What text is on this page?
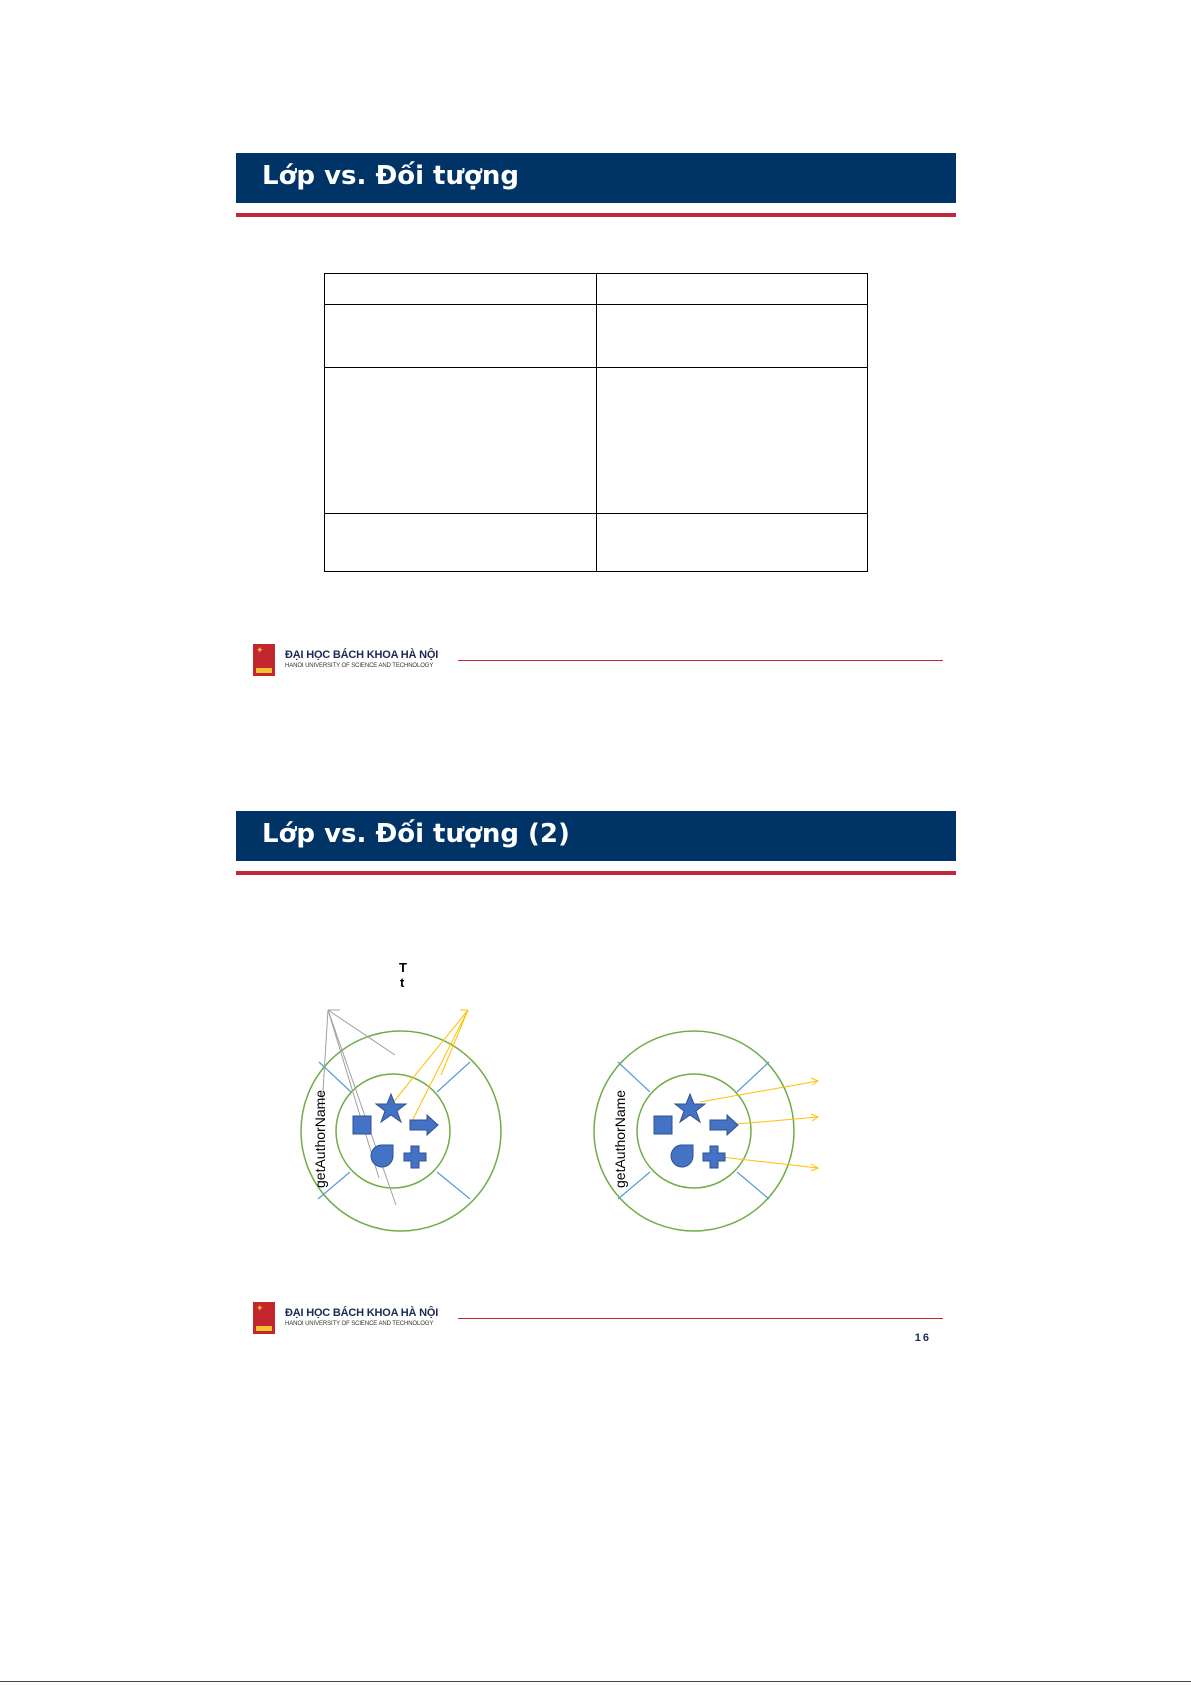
Lớp vs. Đối tượng

✦ ĐẠI HỌC BÁCH KHOA HÀ NỘI
HANOI UNIVERSITY OF SCIENCE AND TECHNOLOGY
Lớp vs. Đối tượng (2)
T
t
getAuthorName	getAuthorName
✦ ĐẠI HỌC BÁCH KHOA HÀ NỘI
HANOI UNIVERSITY OF SCIENCE AND TECHNOLOGY
16
